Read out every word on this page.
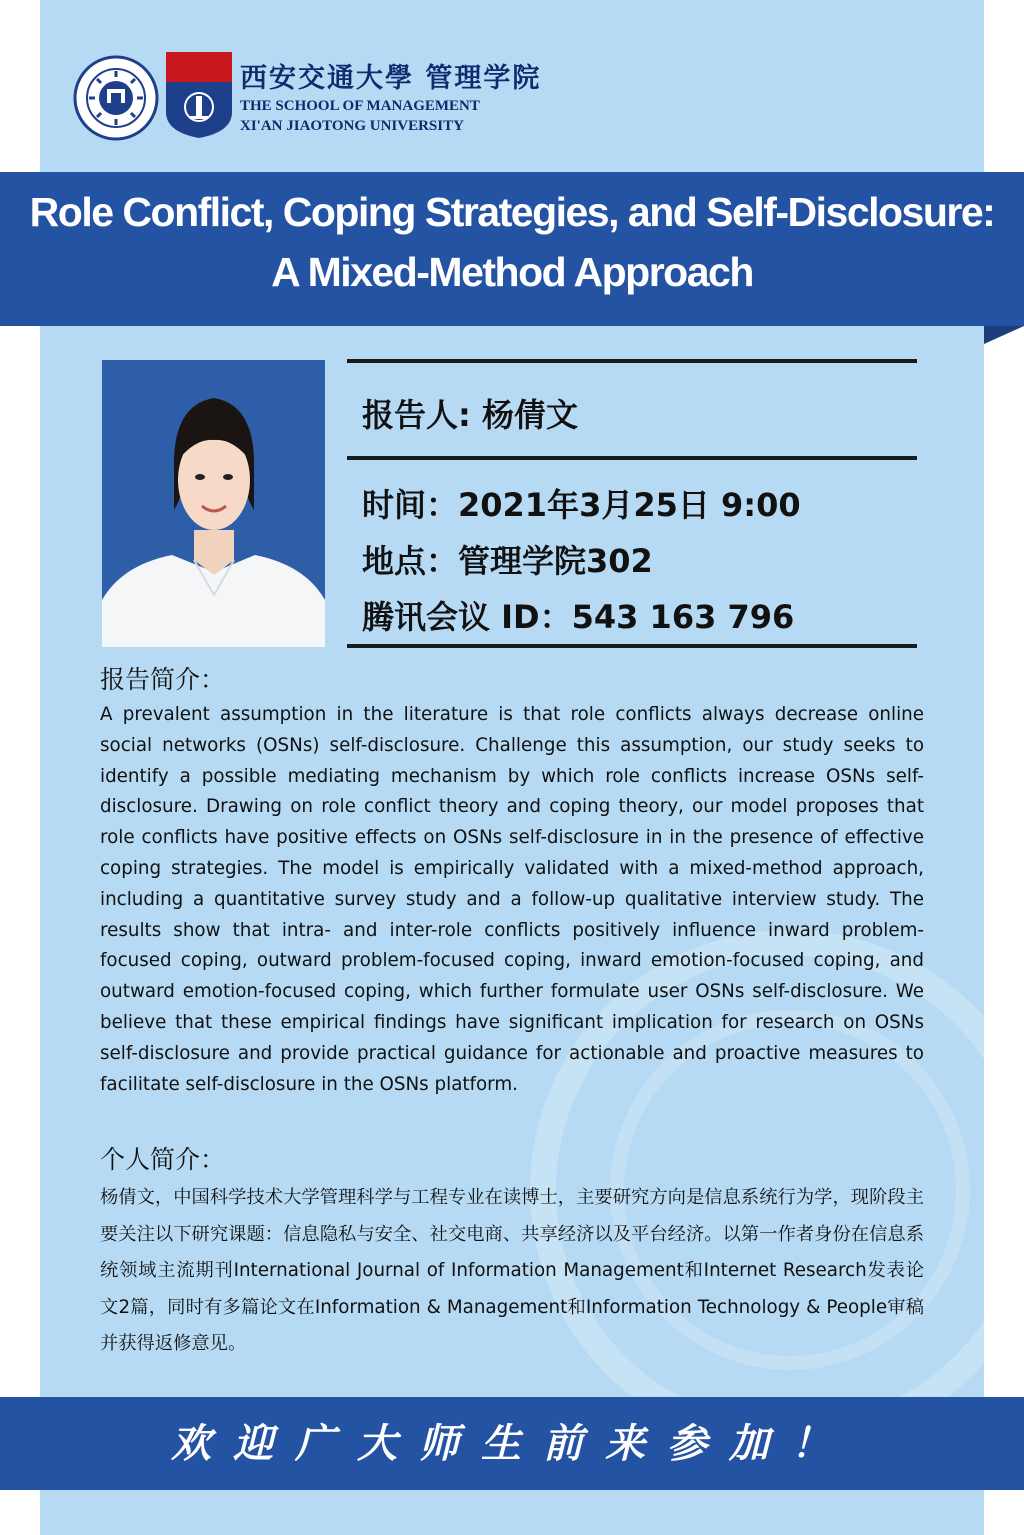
西安交通大學 管理学院
THE SCHOOL OF MANAGEMENT
XI'AN JIAOTONG UNIVERSITY
Role Conflict, Coping Strategies, and Self-Disclosure:
A Mixed-Method Approach
报告人: 杨倩文
时间：2021年3月25日 9:00
地点：管理学院302
腾讯会议 ID：543 163 796
报告简介：
A prevalent assumption in the literature is that role conflicts always decrease online social networks (OSNs) self-disclosure. Challenge this assumption, our study seeks to identify a possible mediating mechanism by which role conflicts increase OSNs self-disclosure. Drawing on role conflict theory and coping theory, our model proposes that role conflicts have positive effects on OSNs self-disclosure in in the presence of effective coping strategies. The model is empirically validated with a mixed-method approach, including a quantitative survey study and a follow-up qualitative interview study. The results show that intra- and inter-role conflicts positively influence inward problem-focused coping, outward problem-focused coping, inward emotion-focused coping, and outward emotion-focused coping, which further formulate user OSNs self-disclosure. We believe that these empirical findings have significant implication for research on OSNs self-disclosure and provide practical guidance for actionable and proactive measures to facilitate self-disclosure in the OSNs platform.
个人简介：
杨倩文，中国科学技术大学管理科学与工程专业在读博士，主要研究方向是信息系统行为学，现阶段主要关注以下研究课题：信息隐私与安全、社交电商、共享经济以及平台经济。以第一作者身份在信息系统领域主流期刊International Journal of Information Management和Internet Research发表论文2篇，同时有多篇论文在Information & Management和Information Technology & People审稿并获得返修意见。
欢迎广大师生前来参加！
